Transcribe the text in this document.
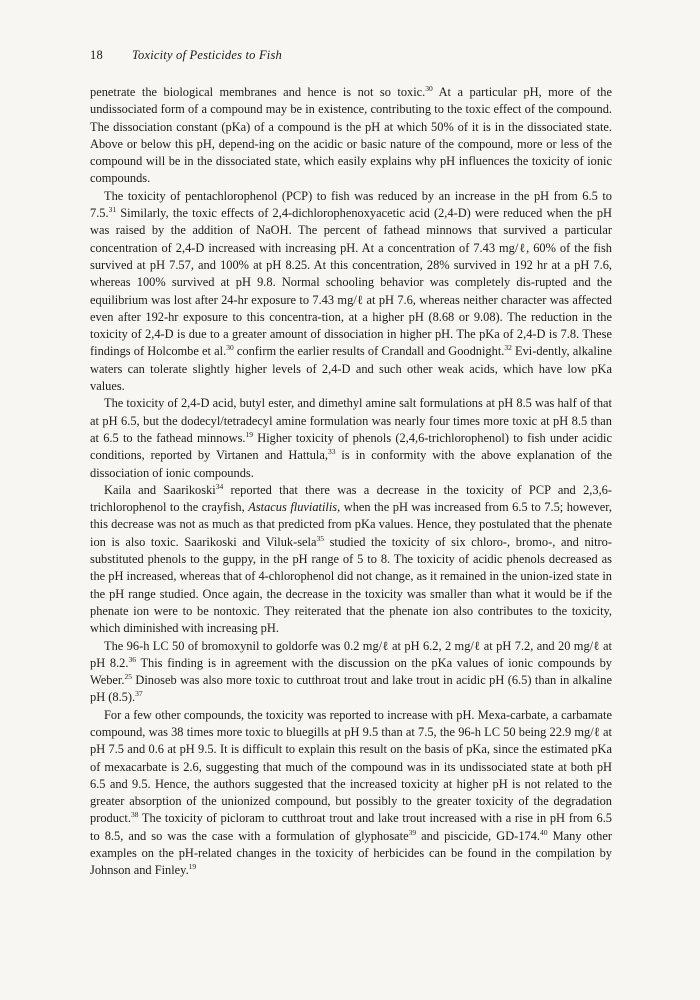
18 Toxicity of Pesticides to Fish

penetrate the biological membranes and hence is not so toxic.$^{30}$ At a particular pH, more of the undissociated form of a compound may be in existence, contributing to the toxic effect of the compound. The dissociation constant (pKa) of a compound is the pH at which 50% of it is in the dissociated state. Above or below this pH, depend-ing on the acidic or basic nature of the compound, more or less of the compound will be in the dissociated state, which easily explains why pH influences the toxicity of ionic compounds.

The toxicity of pentachlorophenol (PCP) to fish was reduced by an increase in the pH from 6.5 to 7.5.31 Similarly, the toxic effects of 2,4-dichlorophenoxyacetic acid (2,4-D) were reduced when the pH was raised by the addition of NaOH. The percent of fathead minnows that survived a particular concentration of 2,4-D increased with increasing pH. At a concentration of 7.43 mg/ℓ, 60% of the fish survived at pH 7.57, and 100% at pH 8.25. At this concentration, 28% survived in 192 hr at a pH 7.6, whereas 100% survived at pH 9.8. Normal schooling behavior was completely dis-rupted and the equilibrium was lost after 24-hr exposure to 7.43 mg/ℓ at pH 7.6, whereas neither character was affected even after 192-hr exposure to this concentra-tion, at a higher pH (8.68 or 9.08). The reduction in the toxicity of 2,4-D is due to a greater amount of dissociation in higher pH. The pKa of 2,4-D is 7.8. These findings of Holcombe et al.$^{30}$ confirm the earlier results of Crandall and Goodnight.$^{32}$ Evi-dently, alkaline waters can tolerate slightly higher levels of 2,4-D and such other weak acids, which have low pKa values.

The toxicity of 2,4-D acid, butyl ester, and dimethyl amine salt formulations at pH 8.5 was half of that at pH 6.5, but the dodecyl/tetradecyl amine formulation was nearly four times more toxic at pH 8.5 than at 6.5 to the fathead minnows.$^{19}$ Higher toxicity of phenols (2,4,6-trichlorophenol) to fish under acidic conditions, reported by Virtanen and Hattula,$^{33}$ is in conformity with the above explanation of the dissociation of ionic compounds.

Kaila and Saarikoski$^{34}$ reported that there was a decrease in the toxicity of PCP and 2,3,6-trichlorophenol to the crayfish, Astacus fluviatilis, when the pH was increased from 6.5 to 7.5; however, this decrease was not as much as that predicted from pKa values. Hence, they postulated that the phenate ion is also toxic. Saarikoski and Viluk-sela$^{35}$ studied the toxicity of six chloro-, bromo-, and nitro-substituted phenols to the guppy, in the pH range of 5 to 8. The toxicity of acidic phenols decreased as the pH increased, whereas that of 4-chlorophenol did not change, as it remained in the union-ized state in the pH range studied. Once again, the decrease in the toxicity was smaller than what it would be if the phenate ion were to be nontoxic. They reiterated that the phenate ion also contributes to the toxicity, which diminished with increasing pH.

The 96-h LC 50 of bromoxynil to goldorfe was 0.2 mg/ℓ at pH 6.2, 2 mg/ℓ at pH 7.2, and 20 mg/ℓ at pH 8.2.36 This finding is in agreement with the discussion on the pKa values of ionic compounds by Weber.$^{25}$ Dinoseb was also more toxic to cutthroat trout and lake trout in acidic pH (6.5) than in alkaline pH (8.5).$^{37}$

For a few other compounds, the toxicity was reported to increase with pH. Mexa-carbate, a carbamate compound, was 38 times more toxic to bluegills at pH 9.5 than at 7.5, the 96-h LC 50 being 22.9 mg/ℓ at pH 7.5 and 0.6 at pH 9.5. It is difficult to explain this result on the basis of pKa, since the estimated pKa of mexacarbate is 2.6, suggesting that much of the compound was in its undissociated state at both pH 6.5 and 9.5. Hence, the authors suggested that the increased toxicity at higher pH is not related to the greater absorption of the unionized compound, but possibly to the greater toxicity of the degradation product.$^{38}$ The toxicity of picloram to cutthroat trout and lake trout increased with a rise in pH from 6.5 to 8.5, and so was the case with a formulation of glyphosate$^{39}$ and piscicide, GD-174.40 Many other examples on the pH-related changes in the toxicity of herbicides can be found in the compilation by Johnson and Finley.$^{19}$
